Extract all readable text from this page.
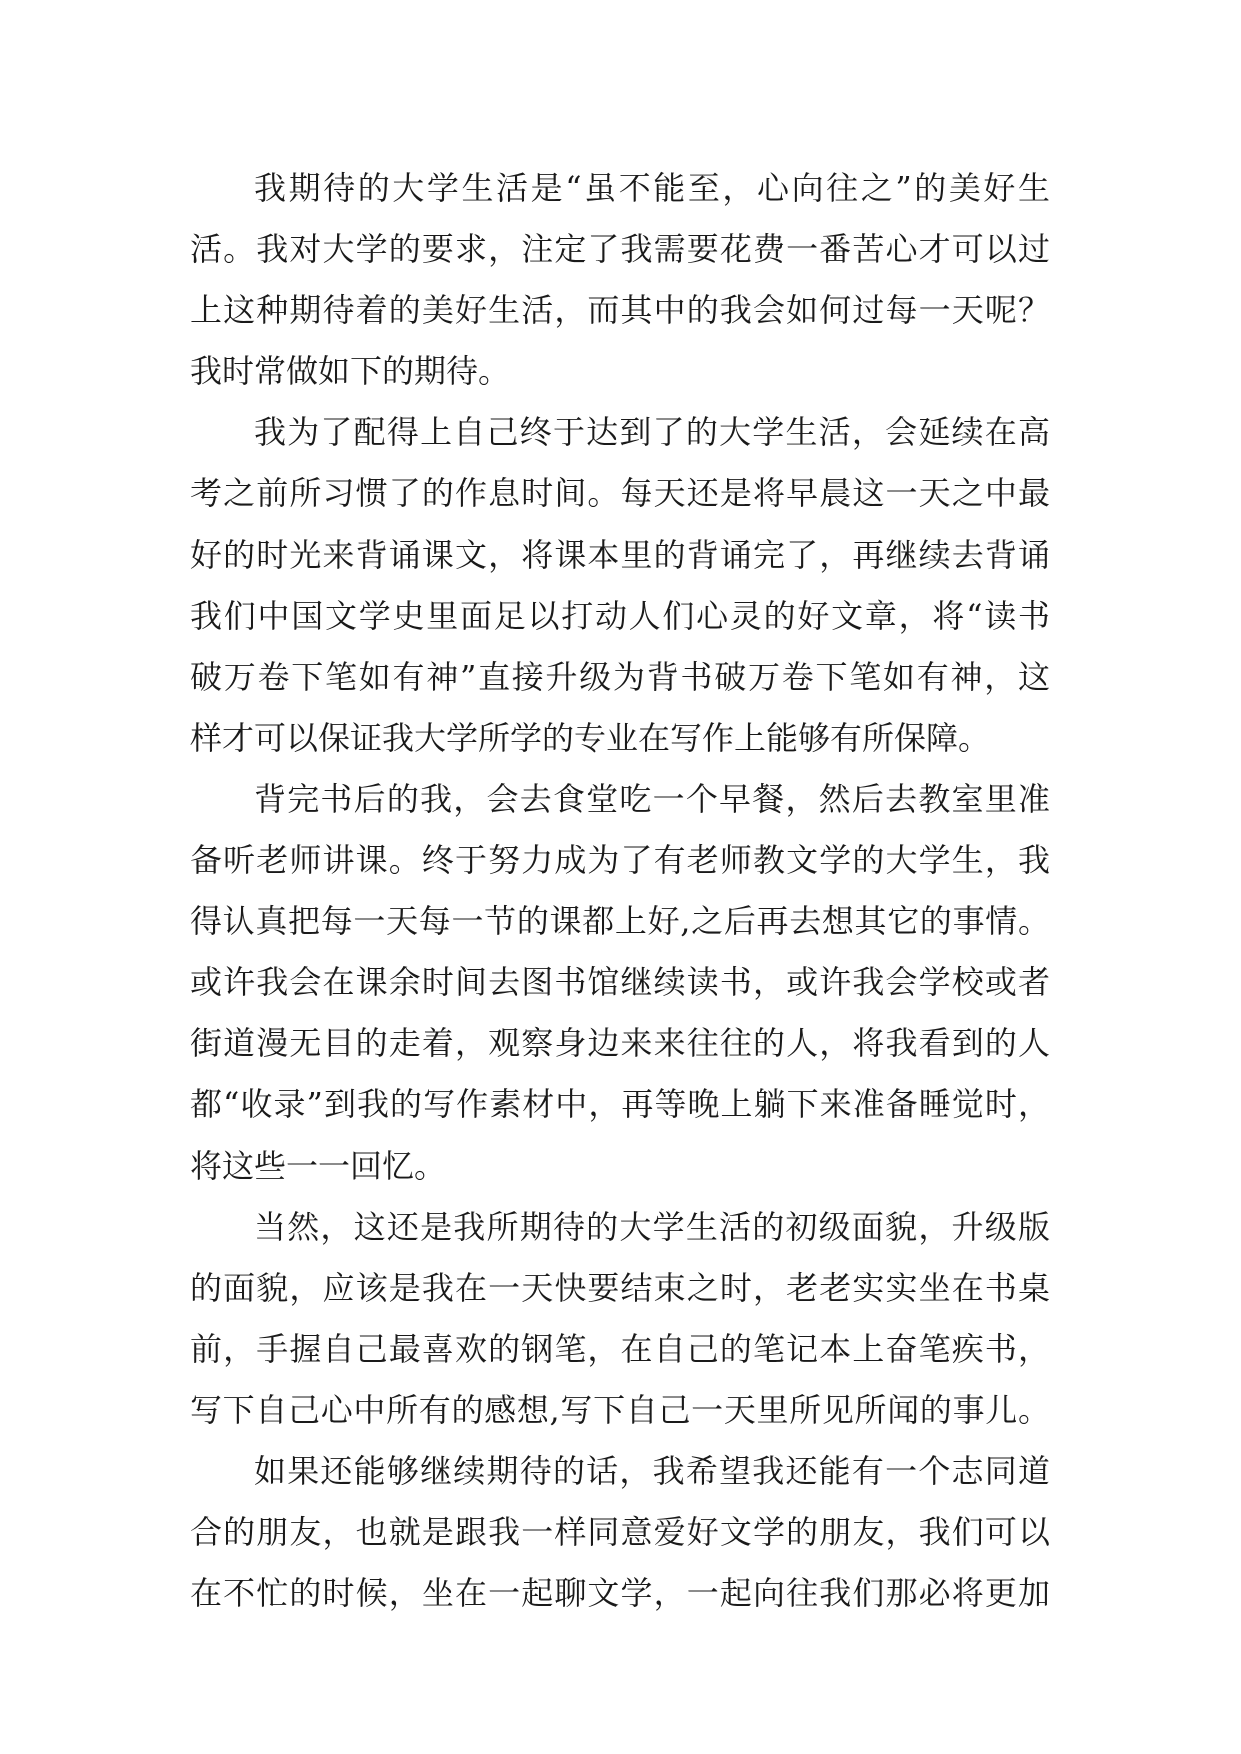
我期待的大学生活是“虽不能至，心向往之”的美好生
活。我对大学的要求，注定了我需要花费一番苦心才可以过
上这种期待着的美好生活，而其中的我会如何过每一天呢？
我时常做如下的期待。
我为了配得上自己终于达到了的大学生活，会延续在高
考之前所习惯了的作息时间。每天还是将早晨这一天之中最
好的时光来背诵课文，将课本里的背诵完了，再继续去背诵
我们中国文学史里面足以打动人们心灵的好文章，将“读书
破万卷下笔如有神”直接升级为背书破万卷下笔如有神，这
样才可以保证我大学所学的专业在写作上能够有所保障。
背完书后的我，会去食堂吃一个早餐，然后去教室里准
备听老师讲课。终于努力成为了有老师教文学的大学生，我
得认真把每一天每一节的课都上好,之后再去想其它的事情。
或许我会在课余时间去图书馆继续读书，或许我会学校或者
街道漫无目的走着，观察身边来来往往的人，将我看到的人
都“收录”到我的写作素材中，再等晚上躺下来准备睡觉时，
将这些一一回忆。
当然，这还是我所期待的大学生活的初级面貌，升级版
的面貌，应该是我在一天快要结束之时，老老实实坐在书桌
前，手握自己最喜欢的钢笔，在自己的笔记本上奋笔疾书，
写下自己心中所有的感想,写下自己一天里所见所闻的事儿。
如果还能够继续期待的话，我希望我还能有一个志同道
合的朋友，也就是跟我一样同意爱好文学的朋友，我们可以
在不忙的时候，坐在一起聊文学，一起向往我们那必将更加
